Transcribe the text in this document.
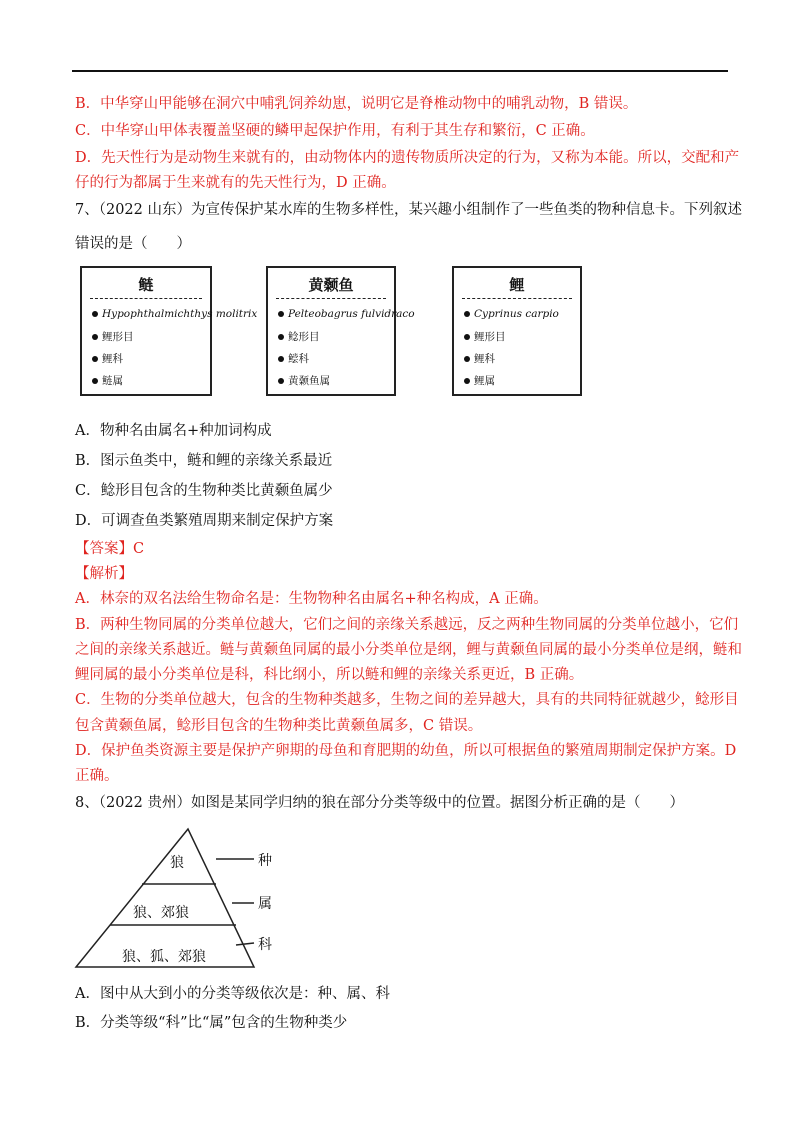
B．中华穿山甲能够在洞穴中哺乳饲养幼崽，说明它是脊椎动物中的哺乳动物，B 错误。
C．中华穿山甲体表覆盖坚硬的鳞甲起保护作用，有利于其生存和繁衍，C 正确。
D．先天性行为是动物生来就有的，由动物体内的遗传物质所决定的行为，又称为本能。所以，交配和产
仔的行为都属于生来就有的先天性行为，D 正确。
7、（2022 山东）为宣传保护某水库的生物多样性，某兴趣小组制作了一些鱼类的物种信息卡。下列叙述
错误的是（　　）
鲢
Hypophthalmichthys molitrix
鲤形目
鲤科
鲢属
黄颡鱼
Pelteobagrus fulvidraco
鲶形目
鲿科
黄颡鱼属
鲤
Cyprinus carpio
鲤形目
鲤科
鲤属
A．物种名由属名+种加词构成
B．图示鱼类中，鲢和鲤的亲缘关系最近
C．鲶形目包含的生物种类比黄颡鱼属少
D．可调查鱼类繁殖周期来制定保护方案
【答案】C
【解析】
A．林奈的双名法给生物命名是：生物物种名由属名+种名构成，A 正确。
B．两种生物同属的分类单位越大，它们之间的亲缘关系越远，反之两种生物同属的分类单位越小，它们
之间的亲缘关系越近。鲢与黄颡鱼同属的最小分类单位是纲，鲤与黄颡鱼同属的最小分类单位是纲，鲢和
鲤同属的最小分类单位是科，科比纲小，所以鲢和鲤的亲缘关系更近，B 正确。
C．生物的分类单位越大，包含的生物种类越多，生物之间的差异越大，具有的共同特征就越少，鲶形目
包含黄颡鱼属，鲶形目包含的生物种类比黄颡鱼属多，C 错误。
D．保护鱼类资源主要是保护产卵期的母鱼和育肥期的幼鱼，所以可根据鱼的繁殖周期制定保护方案。D
正确。
8、（2022 贵州）如图是某同学归纳的狼在部分分类等级中的位置。据图分析正确的是（　　）
狼
狼、郊狼
狼、狐、郊狼
种
属
科
A．图中从大到小的分类等级依次是：种、属、科
B．分类等级“科”比“属”包含的生物种类少
